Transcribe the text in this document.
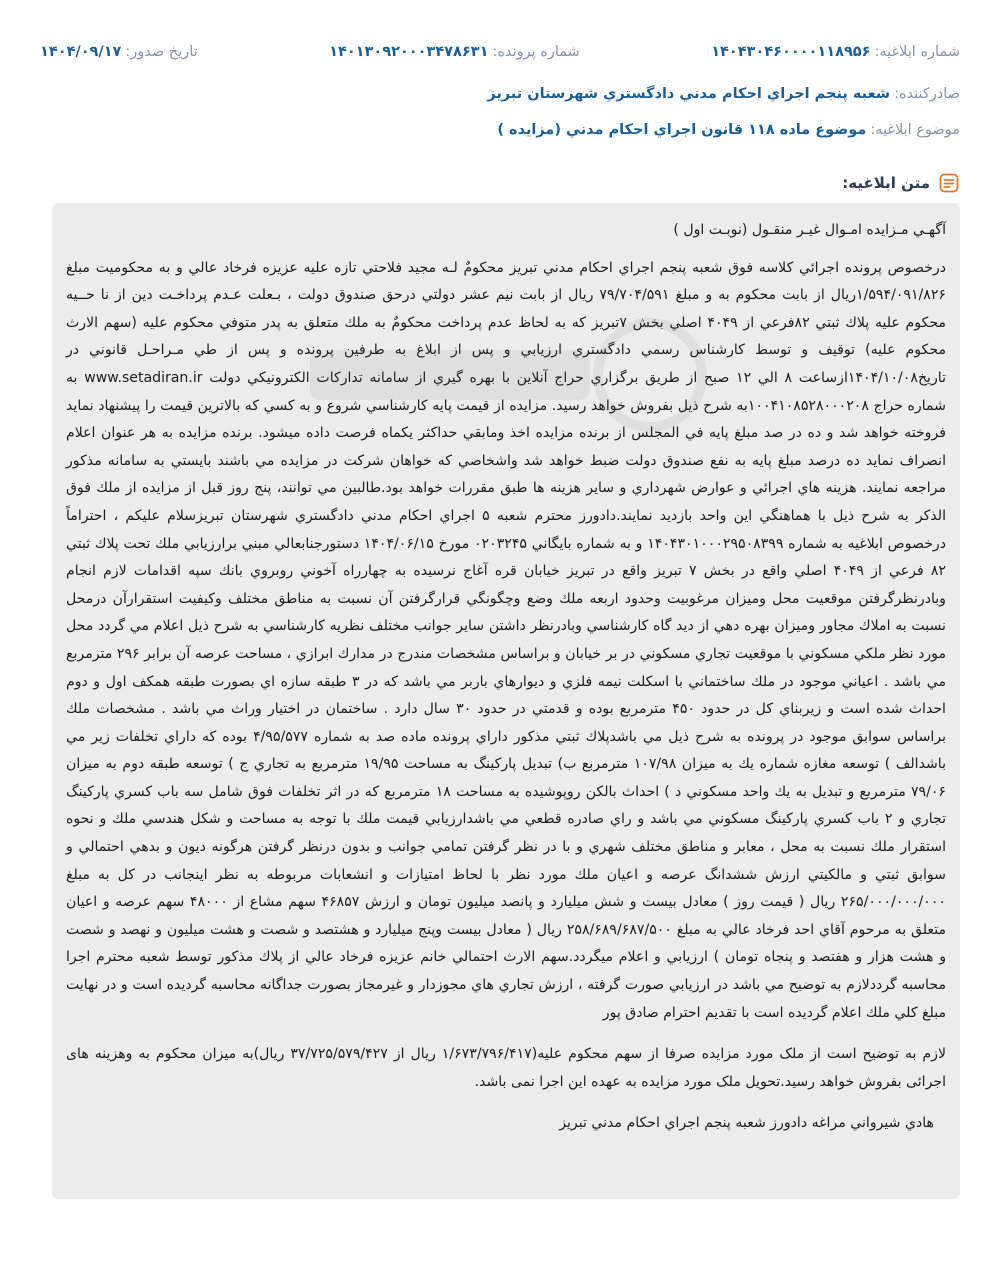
شماره ابلاغیه:
۱۴۰۴۳۰۴۶۰۰۰۰۱۱۸۹۵۶
شماره پرونده:
۱۴۰۱۳۰۹۲۰۰۰۳۴۷۸۶۳۱
تاریخ صدور:
۱۴۰۴/۰۹/۱۷
صادرکننده:
شعبه پنجم اجراي احكام مدني دادگستري شهرستان تبريز
موضوع ابلاغیه:
موضوع ماده ۱۱۸ قانون اجراي احكام مدني (مزايده )
متن ابلاغیه:

آگهـي مـزايده امـوال غيـر منقـول (نوبـت اول )

درخصوص پرونده اجرائي كلاسه فوق شعبه پنجم اجراي احكام مدني تبريز محكومٌ لـه مجيد فلاحتي تازه عليه عزيزه فرخاد عالي و به محكوميت مبلغ ۱/۵۹۴/۰۹۱/۸۲۶ريال از بابت محكوم به و مبلغ ۷۹/۷۰۴/۵۹۱ ريال از بابت نيم عشر دولتي درحق صندوق دولت ، بـعلت عـدم پرداخـت دين از نا حــيه محكوم عليه پلاك ثبتي ۸۲فرعي از ۴۰۴۹ اصلي بخش ۷تبريز كه به لحاظ عدم پرداخت محكومٌ به ملك متعلق به پدر متوفي محكوم عليه (سهم الارث محكوم عليه) توقيف و توسط كارشناس رسمي دادگستري ارزيابي و پس از ابلاغ به طرفين پرونده و پس از طي مـراحـل قانوني در تاريخ۱۴۰۴/۱۰/۰۸ازساعت ۸ الي ۱۲ صبح از طريق برگزاري حراج آنلاين با بهره گيري از سامانه تداركات الكترونيكي دولت www.setadiran.ir به شماره حراج ۱۰۰۴۱۰۸۵۲۸۰۰۰۲۰۸به شرح ذيل بفروش خواهد رسيد. مزايده از قيمت پايه كارشناسي شروع و به كسي كه بالاترين قيمت را پيشنهاد نمايد فروخته خواهد شد و ده در صد مبلغ پايه في المجلس از برنده مزايده اخذ ومابقي حداكثر يكماه فرصت داده ميشود. برنده مزايده به هر عنوان اعلام انصراف نمايد ده درصد مبلغ پايه به نفع صندوق دولت ضبط خواهد شد واشخاصي كه خواهان شركت در مزايده مي باشند بايستي به سامانه مذكور مراجعه نمايند. هزينه هاي اجرائي و عوارض شهرداري و ساير هزينه ها طبق مقررات خواهد بود.طالبين مي توانند، پنج روز قبل از مزايده از ملك فوق الذكر به شرح ذيل با هماهنگي اين واحد بازديد نمايند.دادورز محترم شعبه ۵ اجراي احكام مدني دادگستري شهرستان تبريزسلام عليكم ، احتراماً درخصوص ابلاغيه به شماره ۱۴۰۴۳۰۱۰۰۰۲۹۵۰۸۳۹۹ و به شماره بايگاني ۰۲۰۳۲۴۵ مورخ ۱۴۰۴/۰۶/۱۵ دستورجنابعالي مبني برارزيابي ملك تحت پلاك ثبتي ۸۲ فرعي از ۴۰۴۹ اصلي واقع در بخش ۷ تبريز واقع در تبريز خيابان قره آغاج نرسيده به چهارراه آخوني روبروي بانك سپه اقدامات لازم انجام وبادرنظرگرفتن موقعيت محل وميزان مرغوبيت وحدود اربعه ملك وضع وچگونگي قرارگرفتن آن نسبت به مناطق مختلف وكيفيت استقرارآن درمحل نسبت به املاك مجاور وميزان بهره دهي از ديد گاه كارشناسي وبادرنظر داشتن ساير جوانب مختلف نظريه كارشناسي به شرح ذيل اعلام مي گردد محل مورد نظر ملكي مسكوني با موقعيت تجاري مسكوني در بر خيابان و براساس مشخصات مندرج در مدارك ابرازي ، مساحت عرصه آن برابر ۲۹۶ مترمربع مي باشد . اعياني موجود در ملك ساختماني با اسكلت نيمه فلزي و ديوارهاي باربر مي باشد كه در ۳ طبقه سازه اي بصورت طبقه همكف اول و دوم احداث شده است و زيربناي كل در حدود ۴۵۰ مترمربع بوده و قدمتي در حدود ۳۰ سال دارد . ساختمان در اختيار وراث مي باشد . مشخصات ملك براساس سوابق موجود در پرونده به شرح ذيل مي باشدپلاك ثبتي مذكور داراي پرونده ماده صد به شماره ۴/۹۵/۵۷۷ بوده كه داراي تخلفات زير مي باشدالف ) توسعه مغازه شماره يك به ميزان ۱۰۷/۹۸ مترمربع ب) تبديل پاركينگ به مساحت ۱۹/۹۵ مترمربع به تجاري ج ) توسعه طبقه دوم به ميزان ۷۹/۰۶ مترمربع و تبديل به يك واحد مسكوني د ) احداث بالكن روپوشيده به مساحت ۱۸ مترمربع كه در اثر تخلفات فوق شامل سه باب كسري پاركينگ تجاري و ۲ باب كسري پاركينگ مسكوني مي باشد و راي صادره قطعي مي باشدارزيابي قيمت ملك با توجه به مساحت و شكل هندسي ملك و نحوه استقرار ملك نسبت به محل ، معابر و مناطق مختلف شهري و با در نظر گرفتن تمامي جوانب و بدون درنظر گرفتن هرگونه ديون و بدهي احتمالي و سوابق ثبتي و مالكيتي ارزش ششدانگ عرصه و اعيان ملك مورد نظر با لحاظ امتيازات و انشعابات مربوطه به نظر اينجانب در كل به مبلغ ۲۶۵/۰۰۰/۰۰۰/۰۰۰ ريال ( قيمت روز ) معادل بيست و شش ميليارد و پانصد ميليون تومان و ارزش ۴۶۸۵۷ سهم مشاع از ۴۸۰۰۰ سهم عرصه و اعيان متعلق به مرحوم آقاي احد فرخاد عالي به مبلغ ۲۵۸/۶۸۹/۶۸۷/۵۰۰ ريال ( معادل بيست وپنج ميليارد و هشتصد و شصت و هشت ميليون و نهصد و شصت و هشت هزار و هفتصد و پنجاه تومان ) ارزيابي و اعلام ميگردد.سهم الارث احتمالي خانم عزيزه فرخاد عالي از پلاك مذكور توسط شعبه محترم اجرا محاسبه گرددلازم به توضيح مي باشد در ارزيابي صورت گرفته ، ارزش تجاري هاي مجوزدار و غيرمجاز بصورت جداگانه محاسبه گرديده است و در نهايت مبلغ كلي ملك اعلام گرديده است با تقديم احترام صادق پور

لازم به توضيح است از ملک مورد مزایده صرفا از سهم محکوم علیه(۱/۶۷۳/۷۹۶/۴۱۷ ریال از ۳۷/۷۲۵/۵۷۹/۴۲۷ ریال)به میزان محکوم به وهزینه های اجرائی بفروش خواهد رسید.تحویل ملک مورد مزایده به عهده این اجرا نمی باشد.

هادي شيرواني مراغه دادورز شعبه پنجم اجراي احكام مدني تبريز
